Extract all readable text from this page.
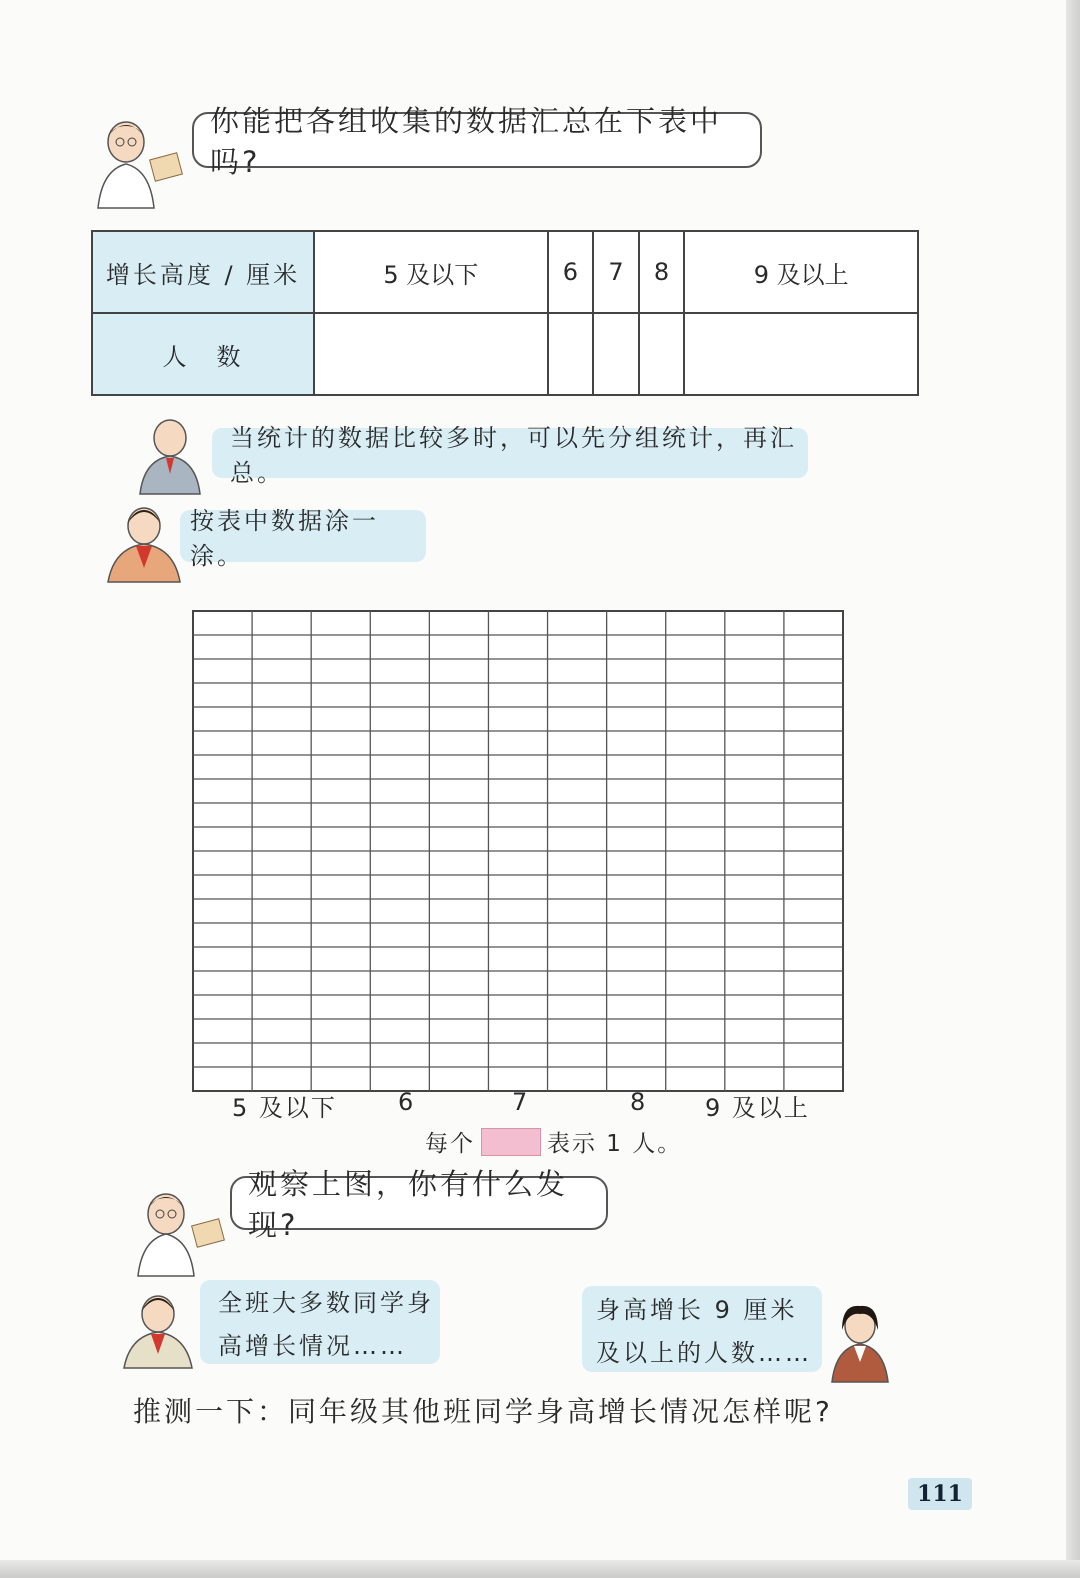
你能把各组收集的数据汇总在下表中吗?
增长高度 / 厘米	5 及以下	6	7	8	9 及以上
人　数					
当统计的数据比较多时，可以先分组统计，再汇总。
按表中数据涂一涂。
5 及以下	6	7	8 9 及以上
每个	表示 1 人。
观察上图，你有什么发现?
全班大多数同学身
高增长情况……
身高增长 9 厘米
及以上的人数……
推测一下：同年级其他班同学身高增长情况怎样呢?
111
